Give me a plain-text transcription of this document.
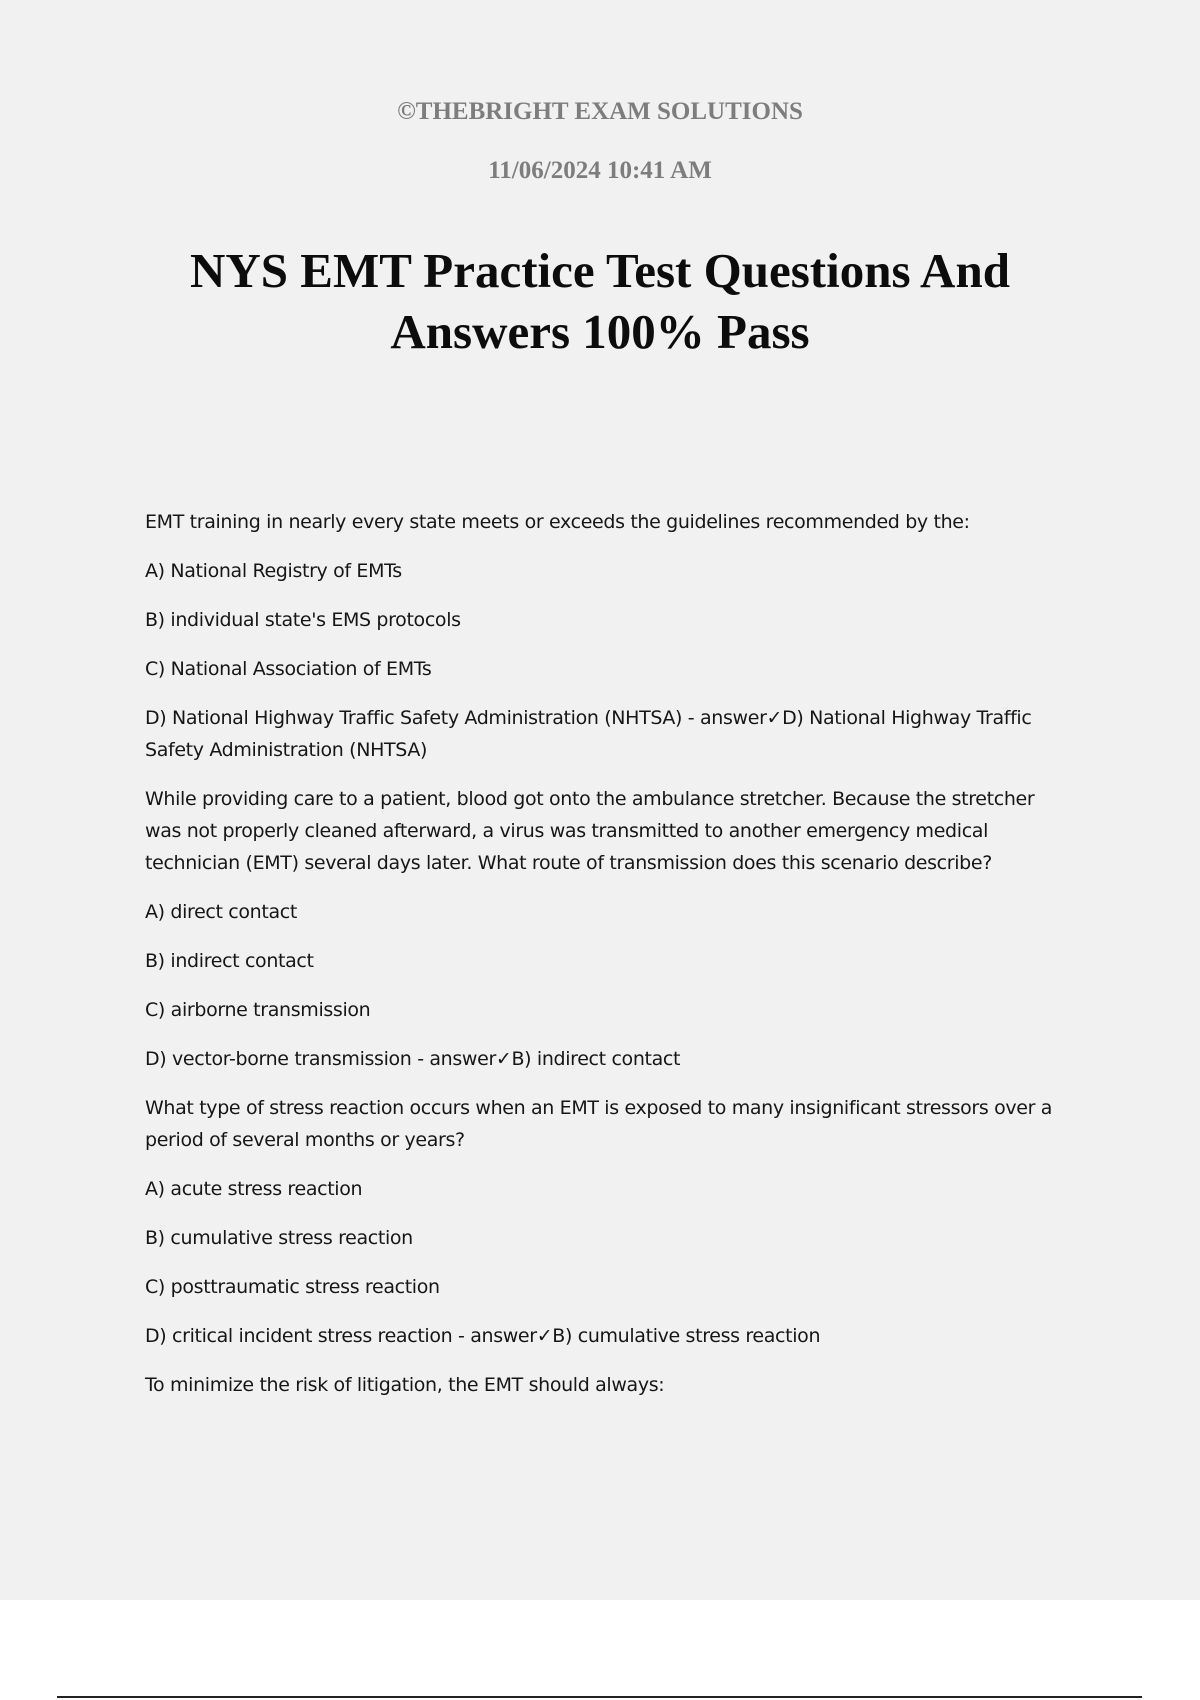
©THEBRIGHT EXAM SOLUTIONS
11/06/2024 10:41 AM
NYS EMT Practice Test Questions And
Answers 100% Pass

EMT training in nearly every state meets or exceeds the guidelines recommended by the:

A) National Registry of EMTs

B) individual state's EMS protocols

C) National Association of EMTs

D) National Highway Traffic Safety Administration (NHTSA) - answer✓D) National Highway Traffic Safety Administration (NHTSA)

While providing care to a patient, blood got onto the ambulance stretcher. Because the stretcher was not properly cleaned afterward, a virus was transmitted to another emergency medical technician (EMT) several days later. What route of transmission does this scenario describe?

A) direct contact

B) indirect contact

C) airborne transmission

D) vector-borne transmission - answer✓B) indirect contact

What type of stress reaction occurs when an EMT is exposed to many insignificant stressors over a period of several months or years?

A) acute stress reaction

B) cumulative stress reaction

C) posttraumatic stress reaction

D) critical incident stress reaction - answer✓B) cumulative stress reaction

To minimize the risk of litigation, the EMT should always:
